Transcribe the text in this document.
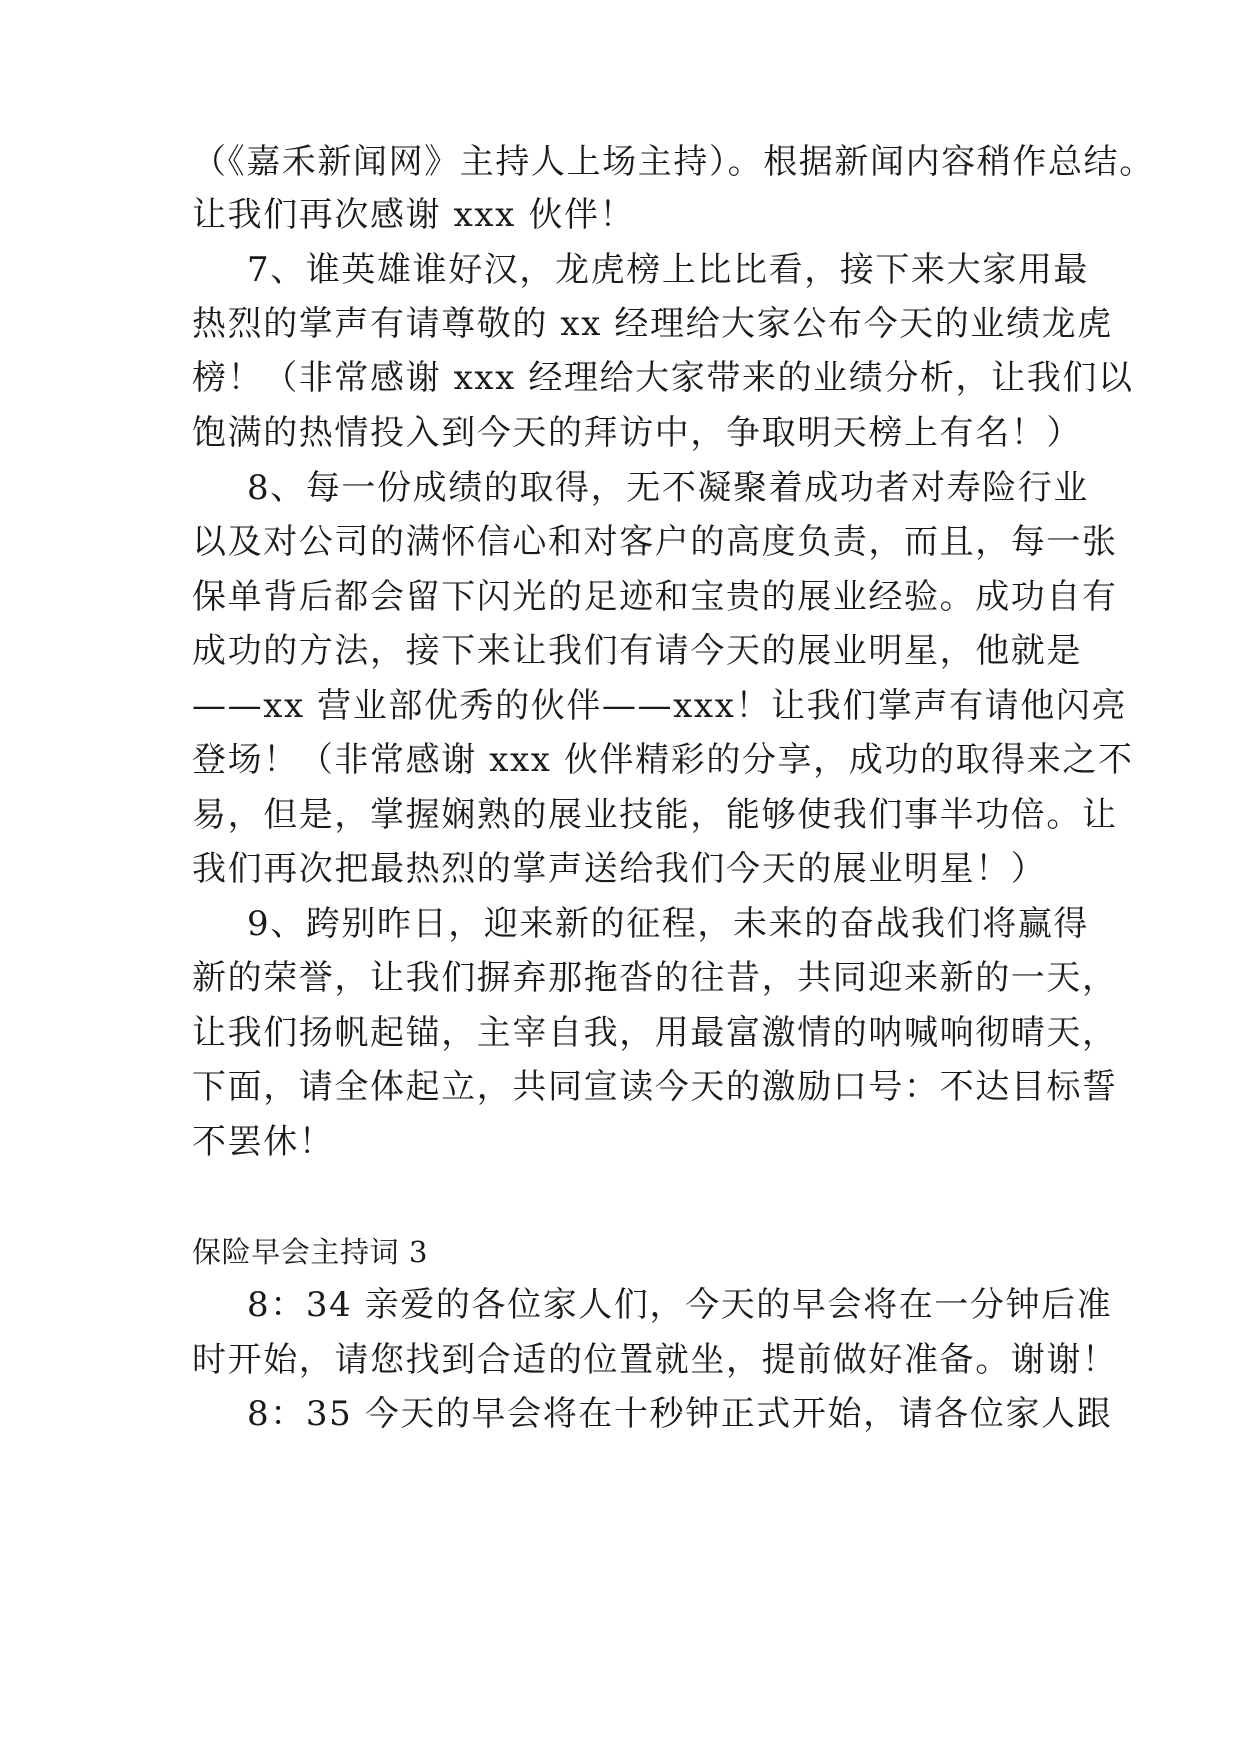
（《嘉禾新闻网》主持人上场主持）。根据新闻内容稍作总结。
让我们再次感谢 xxx 伙伴！
7、谁英雄谁好汉，龙虎榜上比比看，接下来大家用最
热烈的掌声有请尊敬的 xx 经理给大家公布今天的业绩龙虎
榜！（非常感谢 xxx 经理给大家带来的业绩分析，让我们以
饱满的热情投入到今天的拜访中，争取明天榜上有名！）
8、每一份成绩的取得，无不凝聚着成功者对寿险行业
以及对公司的满怀信心和对客户的高度负责，而且，每一张
保单背后都会留下闪光的足迹和宝贵的展业经验。成功自有
成功的方法，接下来让我们有请今天的展业明星，他就是
——xx 营业部优秀的伙伴——xxx！让我们掌声有请他闪亮
登场！（非常感谢 xxx 伙伴精彩的分享，成功的取得来之不
易，但是，掌握娴熟的展业技能，能够使我们事半功倍。让
我们再次把最热烈的掌声送给我们今天的展业明星！）
9、跨别昨日，迎来新的征程，未来的奋战我们将赢得
新的荣誉，让我们摒弃那拖沓的往昔，共同迎来新的一天，
让我们扬帆起锚，主宰自我，用最富激情的呐喊响彻晴天，
下面，请全体起立，共同宣读今天的激励口号：不达目标誓
不罢休！
保险早会主持词 3
8：34 亲爱的各位家人们，今天的早会将在一分钟后准
时开始，请您找到合适的位置就坐，提前做好准备。谢谢！
8：35 今天的早会将在十秒钟正式开始，请各位家人跟
